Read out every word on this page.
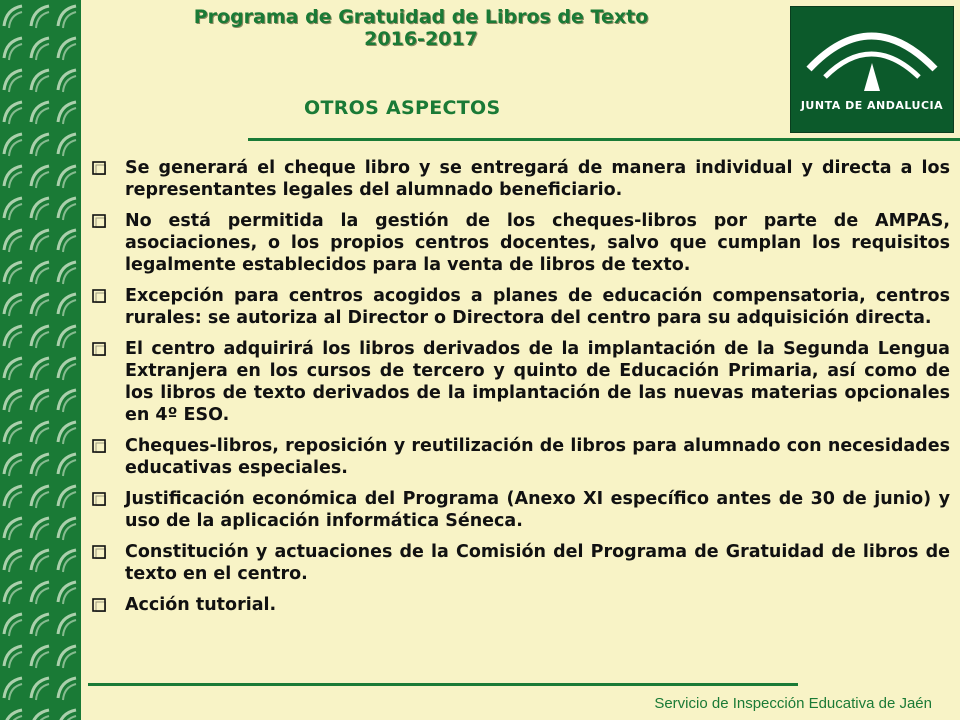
Programa de Gratuidad de Libros de Texto
2016-2017
OTROS ASPECTOS	JUNTA DE ANDALUCIA
Se generará el cheque libro y se entregará de manera individual y directa a los representantes legales del alumnado beneficiario.
No está permitida la gestión de los cheques-libros por parte de AMPAS, asociaciones, o los propios centros docentes, salvo que cumplan los requisitos legalmente establecidos para la venta de libros de texto.
Excepción para centros acogidos a planes de educación compensatoria, centros rurales: se autoriza al Director o Directora del centro para su adquisición directa.
El centro adquirirá los libros derivados de la implantación de la Segunda Lengua Extranjera en los cursos de tercero y quinto de Educación Primaria, así como de los libros de texto derivados de la implantación de las nuevas materias opcionales en 4º ESO.
Cheques-libros, reposición y reutilización de libros para alumnado con necesidades educativas especiales.
Justificación económica del Programa (Anexo XI específico antes de 30 de junio) y uso de la aplicación informática Séneca.
Constitución y actuaciones de la Comisión del Programa de Gratuidad de libros de texto en el centro.
Acción tutorial.
Servicio de Inspección Educativa de Jaén
